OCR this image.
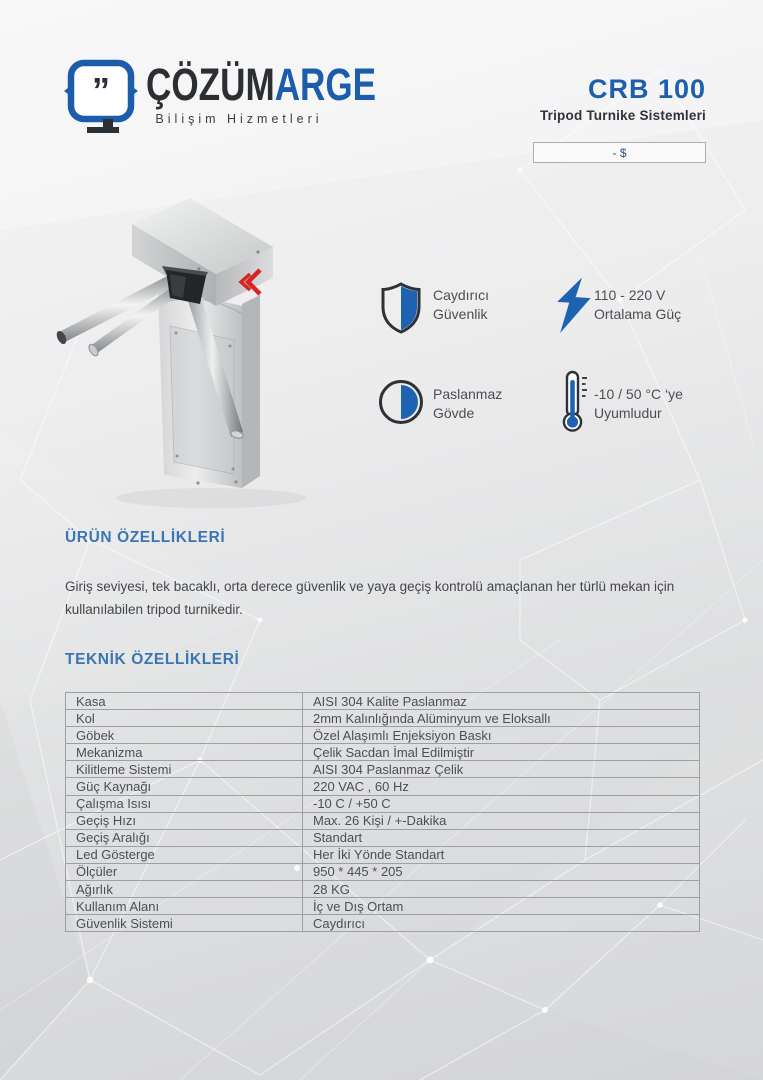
” ÇÖZÜMARGE
Bilişim Hizmetleri
CRB 100
Tripod Turnike Sistemleri
- $
Caydırıcı
Güvenlik
110 - 220 V
Ortalama Güç
Paslanmaz
Gövde
-10 / 50 °C ‘ye
Uyumludur
ÜRÜN ÖZELLİKLERİ
Giriş seviyesi, tek bacaklı, orta derece güvenlik ve yaya geçiş kontrolü amaçlanan her türlü mekan için kullanılabilen tripod turnikedir.
TEKNİK ÖZELLİKLERİ
Kasa	AISI 304 Kalite Paslanmaz
Kol	2mm Kalınlığında Alüminyum ve Eloksallı
Göbek	Özel Alaşımlı Enjeksiyon Baskı
Mekanizma	Çelik Sacdan İmal Edilmiştir
Kilitleme Sistemi	AISI 304 Paslanmaz Çelik
Güç Kaynağı	220 VAC , 60 Hz
Çalışma Isısı	-10 C / +50 C
Geçiş Hızı	Max. 26 Kişi / +-Dakika
Geçiş Aralığı	Standart
Led Gösterge	Her İki Yönde Standart
Ölçüler	950 * 445 * 205
Ağırlık	28 KG
Kullanım Alanı	İç ve Dış Ortam
Güvenlik Sistemi	Caydırıcı
